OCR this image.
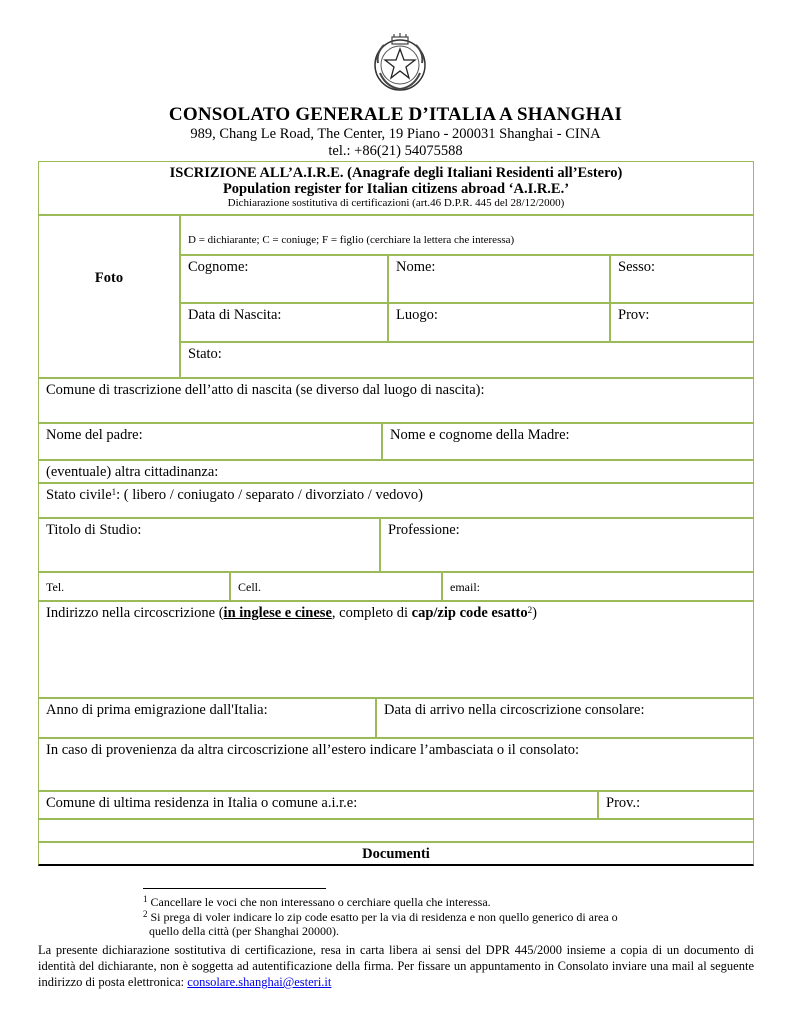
CONSOLATO GENERALE D’ITALIA A SHANGHAI
989, Chang Le Road, The Center, 19 Piano - 200031 Shanghai - CINA
tel.: +86(21) 54075588
ISCRIZIONE ALL’A.I.R.E. (Anagrafe degli Italiani Residenti all’Estero)
Population register for Italian citizens abroad ‘A.I.R.E.’
Dichiarazione sostitutiva di certificazioni (art.46 D.P.R. 445 del 28/12/2000)
Foto
D = dichiarante; C = coniuge; F = figlio (cerchiare la lettera che interessa)
Cognome:	Nome:	Sesso:
Data di Nascita:	Luogo:	Prov:
Stato:
Comune di trascrizione dell’atto di nascita (se diverso dal luogo di nascita):
Nome del padre:	Nome e cognome della Madre:
(eventuale) altra cittadinanza:
Stato civile$^1$: ( libero / coniugato / separato / divorziato / vedovo)
Titolo di Studio:	Professione:
Tel.	Cell.	email:
Indirizzo nella circoscrizione (in inglese e cinese, completo di cap/zip code esatto$^2$)
Anno di prima emigrazione dall'Italia:	Data di arrivo nella circoscrizione consolare:
In caso di provenienza da altra circoscrizione all’estero indicare l’ambasciata o il consolato:
Comune di ultima residenza in Italia o comune a.i.r.e:	Prov.:
Documenti
$^1$ Cancellare le voci che non interessano o cerchiare quella che interessa.
$^2$ Si prega di voler indicare lo zip code esatto per la via di residenza e non quello generico di area o
quello della città (per Shanghai 20000).
La presente dichiarazione sostitutiva di certificazione, resa in carta libera ai sensi del DPR 445/2000 insieme a copia di un documento di identità del dichiarante, non è soggetta ad autentificazione della firma. Per fissare un appuntamento in Consolato inviare una mail al seguente indirizzo di posta elettronica: consolare.shanghai@esteri.it
